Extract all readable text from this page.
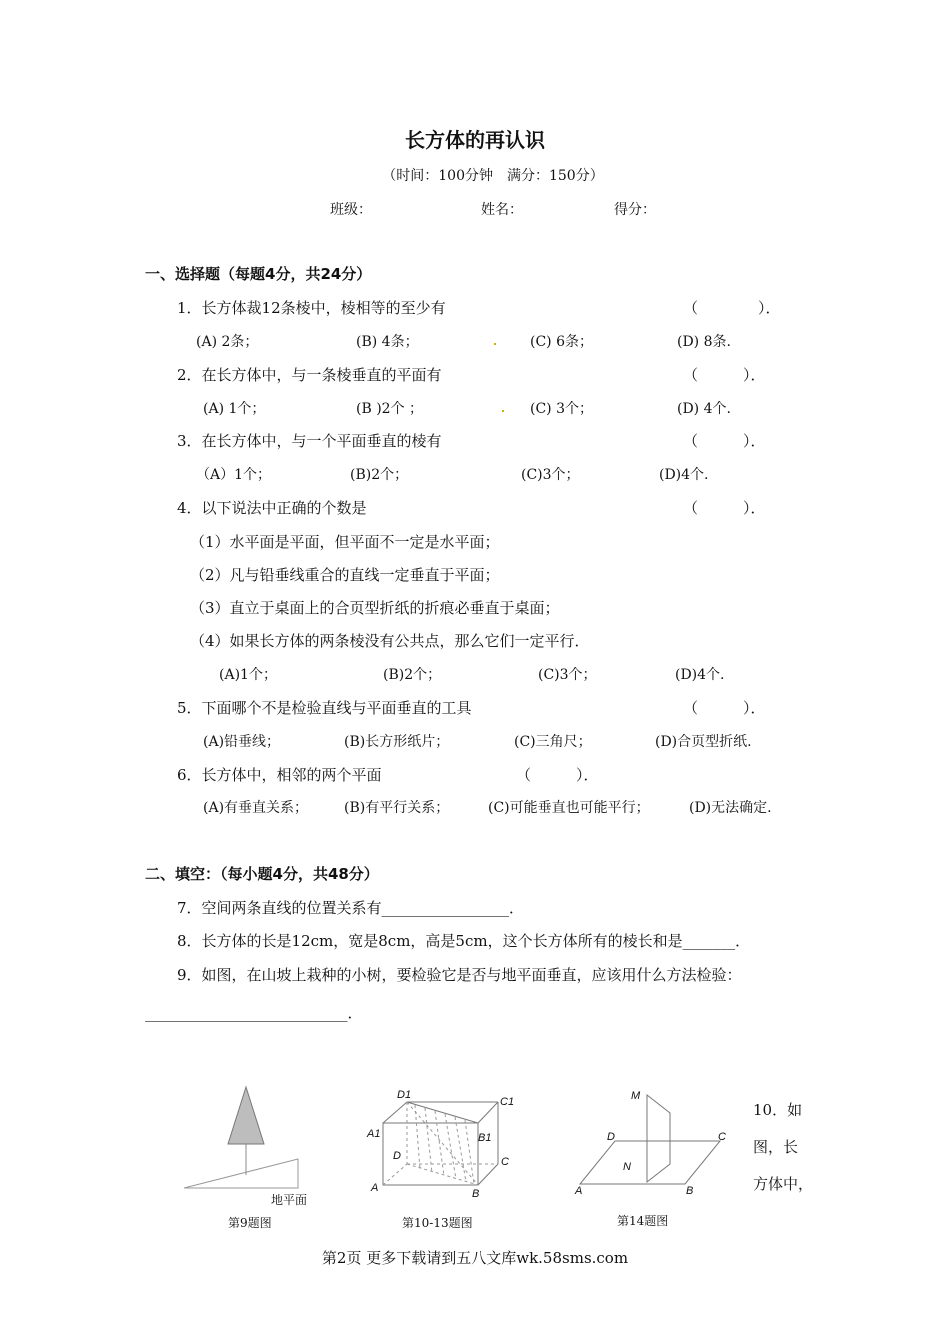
长方体的再认识
（时间：100分钟　满分：150分）
班级：	姓名：	得分：
一、选择题（每题4分，共24分）
1．长方体裁12条棱中，棱相等的至少有	（　　　　）．
(A) 2条；	(B) 4条；	(C) 6条；	(D) 8条.
2．在长方体中，与一条棱垂直的平面有	（　　　）．
(A) 1个；	(B )2个 ；	(C) 3个；	(D) 4个.
3．在长方体中，与一个平面垂直的棱有	（　　　）．
（A）1个；	(B)2个；	(C)3个；	(D)4个.
4．以下说法中正确的个数是	（　　　）．
（1）水平面是平面，但平面不一定是水平面；
（2）凡与铅垂线重合的直线一定垂直于平面；
（3）直立于桌面上的合页型折纸的折痕必垂直于桌面；
（4）如果长方体的两条棱没有公共点，那么它们一定平行．
(A)1个；	(B)2个；	(C)3个；	(D)4个.
5．下面哪个不是检验直线与平面垂直的工具	（　　　）．
(A)铅垂线；	(B)长方形纸片；	(C)三角尺；	(D)合页型折纸.
6．长方体中，相邻的两个平面	（　　　）．
(A)有垂直关系；	(B)有平行关系；	(C)可能垂直也可能平行；	(D)无法确定.
二、填空：（每小题4分，共48分）
7．空间两条直线的位置关系有_________________．
8．长方体的长是12cm，宽是8cm，高是5cm，这个长方体所有的棱长和是_______．
9．如图，在山坡上栽种的小树，要检验它是否与地平面垂直，应该用什么方法检验：
___________________________．
10．如
图，长
方体中，
地平面
第9题图
D1
C1
A1	B1
D	C
A	B
第10-13题图
M
D	C
N
A	B
第14题图
第2页 更多下载请到五八文库wk.58sms.com
